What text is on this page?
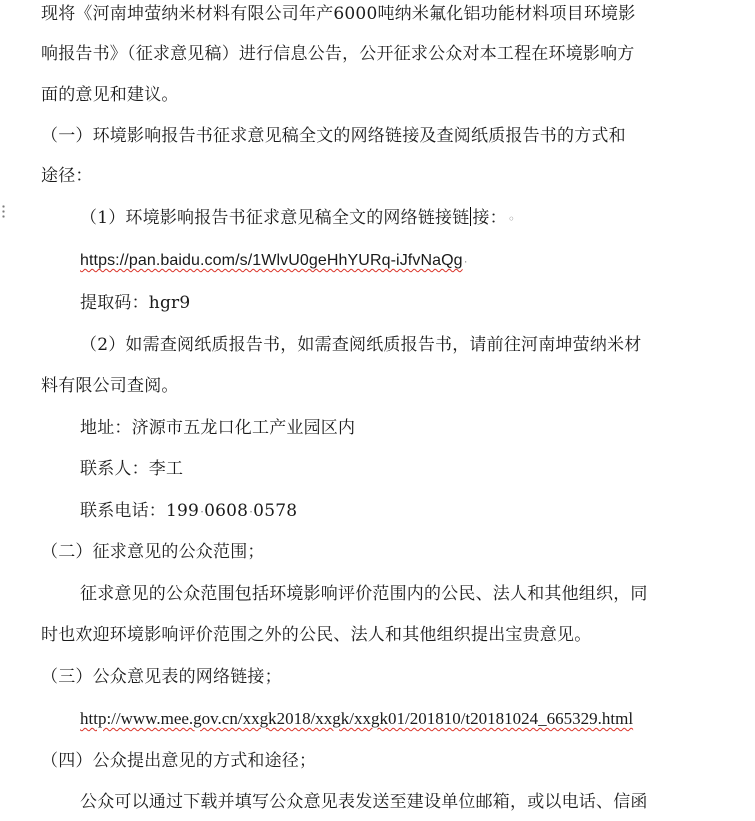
现将《河南坤萤纳米材料有限公司年产6000吨纳米氟化铝功能材料项目环境影
响报告书》（征求意见稿）进行信息公告，公开征求公众对本工程在环境影响方
面的意见和建议。
（一）环境影响报告书征求意见稿全文的网络链接及查阅纸质报告书的方式和
途径：
（1）环境影响报告书征求意见稿全文的网络链接链 接：◦
https://pan.baidu.com/s/1WlvU0geHhYURq-iJfvNaQg·
提取码：hgr9
（2）如需查阅纸质报告书，如需查阅纸质报告书，请前往河南坤萤纳米材
料有限公司查阅。
地址：济源市五龙口化工产业园区内
联系人：李工
联系电话：199·0608·0578
（二）征求意见的公众范围；
征求意见的公众范围包括环境影响评价范围内的公民、法人和其他组织，同
时也欢迎环境影响评价范围之外的公民、法人和其他组织提出宝贵意见。
（三）公众意见表的网络链接；
http://www.mee.gov.cn/xxgk2018/xxgk/xxgk01/201810/t20181024_665329.html
（四）公众提出意见的方式和途径；
公众可以通过下载并填写公众意见表发送至建设单位邮箱，或以电话、信函
